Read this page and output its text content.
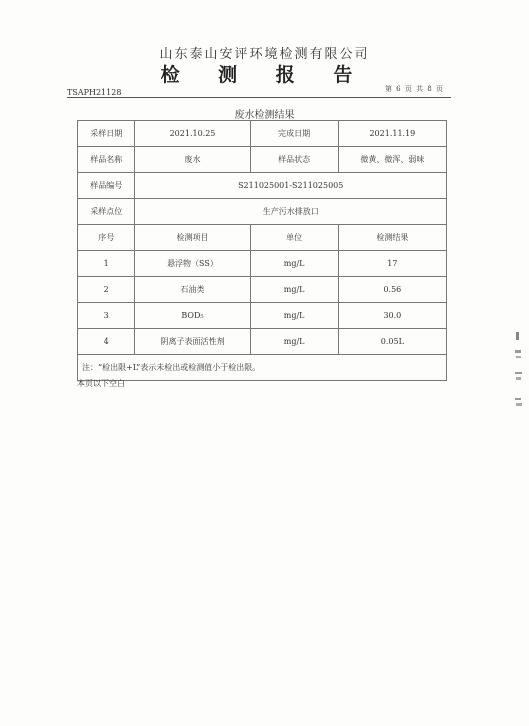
山东泰山安评环境检测有限公司
检 测 报 告
TSAPH21128	第 6 页 共 8 页
废水检测结果
采样日期	2021.10.25	完成日期	2021.11.19
样品名称	废水	样品状态	微黄、微浑、弱味
样品编号	S211025001-S211025005		
采样点位	生产污水排放口		
序号	检测项目	单位	检测结果
1	悬浮物（SS）	mg/L	17
2	石油类	mg/L	0.56
3	BOD₅	mg/L	30.0
4	阴离子表面活性剂	mg/L	0.05L
注：“检出限+L”表示未检出或检测值小于检出限。			
本页以下空白
